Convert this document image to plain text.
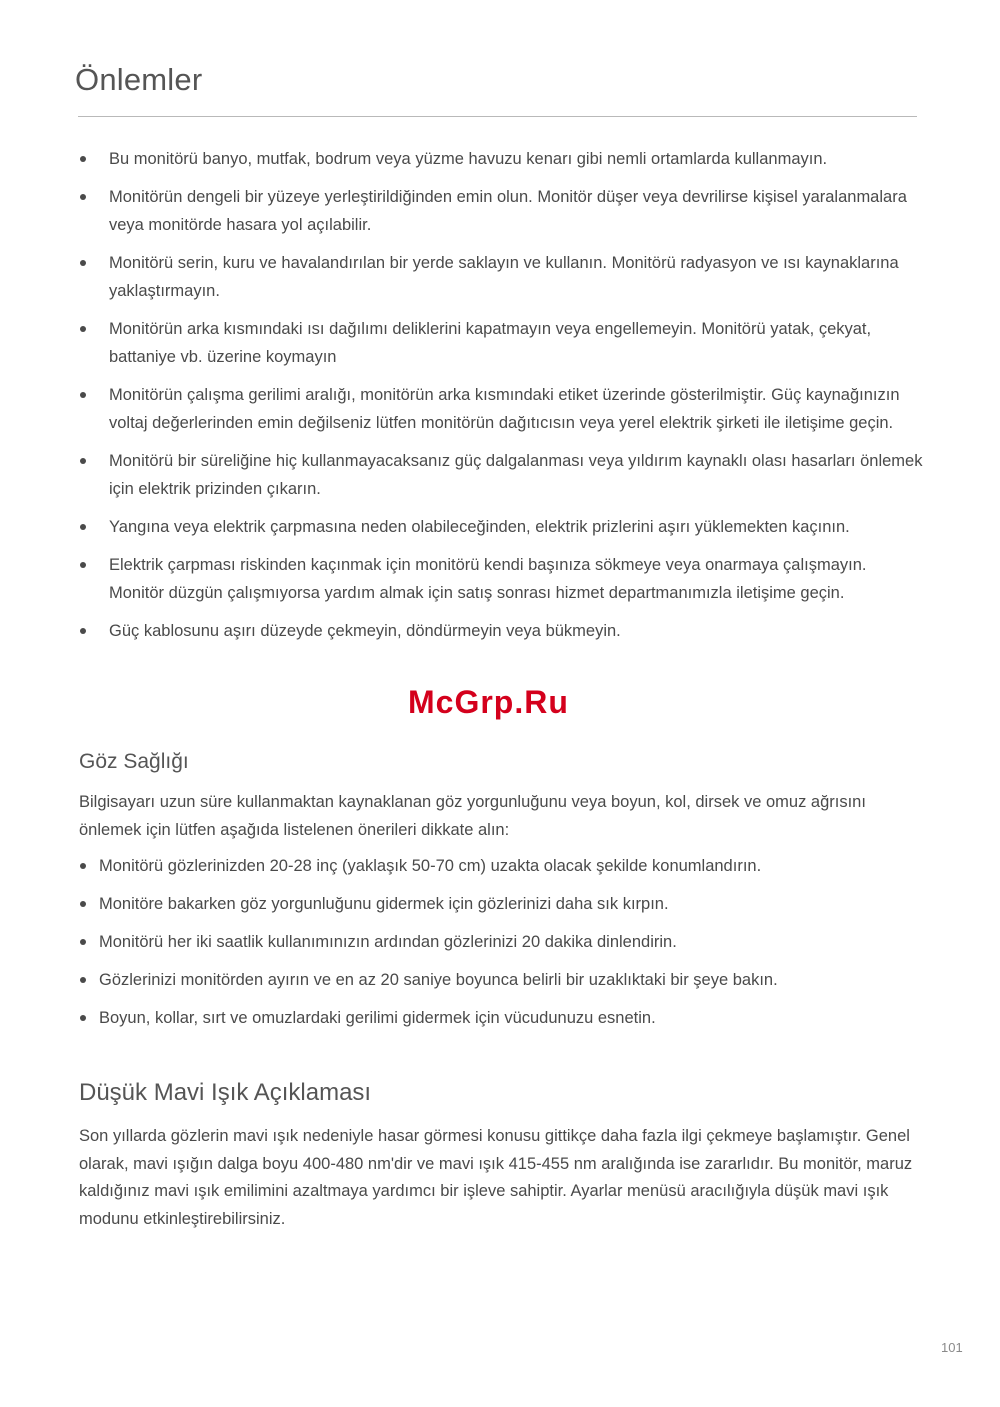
Önlemler
Bu monitörü banyo, mutfak, bodrum veya yüzme havuzu kenarı gibi nemli ortamlarda kullanmayın.
Monitörün dengeli bir yüzeye yerleştirildiğinden emin olun. Monitör düşer veya devrilirse kişisel yaralanmalara veya monitörde hasara yol açılabilir.
Monitörü serin, kuru ve havalandırılan bir yerde saklayın ve kullanın. Monitörü radyasyon ve ısı kaynaklarına yaklaştırmayın.
Monitörün arka kısmındaki ısı dağılımı deliklerini kapatmayın veya engellemeyin. Monitörü yatak, çekyat, battaniye vb. üzerine koymayın
Monitörün çalışma gerilimi aralığı, monitörün arka kısmındaki etiket üzerinde gösterilmiştir. Güç kaynağınızın voltaj değerlerinden emin değilseniz lütfen monitörün dağıtıcısın veya yerel elektrik şirketi ile iletişime geçin.
Monitörü bir süreliğine hiç kullanmayacaksanız güç dalgalanması veya yıldırım kaynaklı olası hasarları önlemek için elektrik prizinden çıkarın.
Yangına veya elektrik çarpmasına neden olabileceğinden, elektrik prizlerini aşırı yüklemekten kaçının.
Elektrik çarpması riskinden kaçınmak için monitörü kendi başınıza sökmeye veya onarmaya çalışmayın. Monitör düzgün çalışmıyorsa yardım almak için satış sonrası hizmet departmanımızla iletişime geçin.
Güç kablosunu aşırı düzeyde çekmeyin, döndürmeyin veya bükmeyin.
McGrp.Ru
Göz Sağlığı

Bilgisayarı uzun süre kullanmaktan kaynaklanan göz yorgunluğunu veya boyun, kol, dirsek ve omuz ağrısını önlemek için lütfen aşağıda listelenen önerileri dikkate alın:

Monitörü gözlerinizden 20-28 inç (yaklaşık 50-70 cm) uzakta olacak şekilde konumlandırın.
Monitöre bakarken göz yorgunluğunu gidermek için gözlerinizi daha sık kırpın.
Monitörü her iki saatlik kullanımınızın ardından gözlerinizi 20 dakika dinlendirin.
Gözlerinizi monitörden ayırın ve en az 20 saniye boyunca belirli bir uzaklıktaki bir şeye bakın.
Boyun, kollar, sırt ve omuzlardaki gerilimi gidermek için vücudunuzu esnetin.
Düşük Mavi Işık Açıklaması

Son yıllarda gözlerin mavi ışık nedeniyle hasar görmesi konusu gittikçe daha fazla ilgi çekmeye başlamıştır. Genel olarak, mavi ışığın dalga boyu 400-480 nm'dir ve mavi ışık 415-455 nm aralığında ise zararlıdır. Bu monitör, maruz kaldığınız mavi ışık emilimini azaltmaya yardımcı bir işleve sahiptir. Ayarlar menüsü aracılığıyla düşük mavi ışık modunu etkinleştirebilirsiniz.

101
